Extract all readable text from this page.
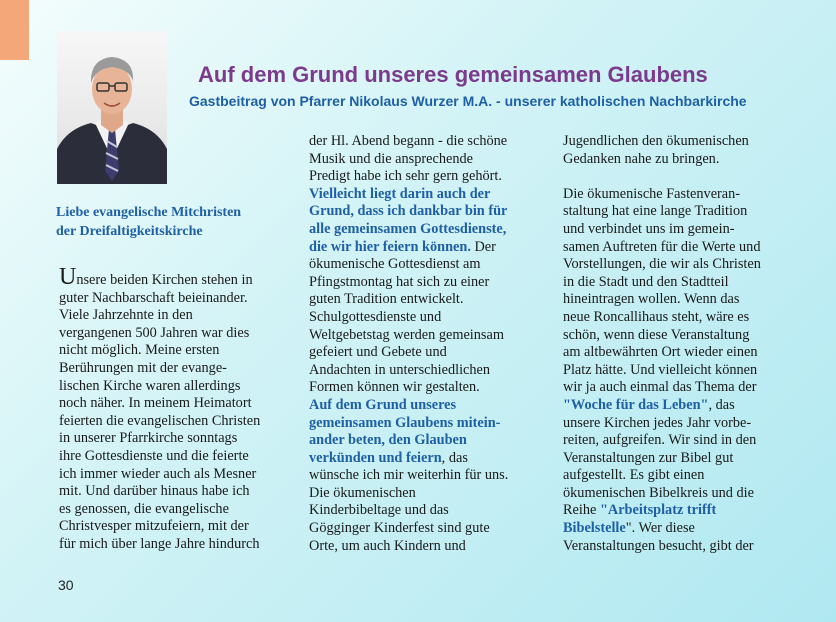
Auf dem Grund unseres gemeinsamen Glaubens
Gastbeitrag von Pfarrer Nikolaus Wurzer M.A. - unserer katholischen Nachbarkirche
Liebe evangelische Mitchristen
der Dreifaltigkeitskirche

Unsere beiden Kirchen stehen in

guter Nachbarschaft beieinander.

Viele Jahrzehnte in den

vergangenen 500 Jahren war dies

nicht möglich. Meine ersten

Berührungen mit der evange-

lischen Kirche waren allerdings

noch näher. In meinem Heimatort

feierten die evangelischen Christen

in unserer Pfarrkirche sonntags

ihre Gottesdienste und die feierte

ich immer wieder auch als Mesner

mit. Und darüber hinaus habe ich

es genossen, die evangelische

Christvesper mitzufeiern, mit der

für mich über lange Jahre hindurch

der Hl. Abend begann - die schöne

Musik und die ansprechende

Predigt habe ich sehr gern gehört.

Vielleicht liegt darin auch der

Grund, dass ich dankbar bin für

alle gemeinsamen Gottesdienste,

die wir hier feiern können. Der

ökumenische Gottesdienst am

Pfingstmontag hat sich zu einer

guten Tradition entwickelt.

Schulgottesdienste und

Weltgebetstag werden gemeinsam

gefeiert und Gebete und

Andachten in unterschiedlichen

Formen können wir gestalten.

Auf dem Grund unseres

gemeinsamen Glaubens mitein-

ander beten, den Glauben

verkünden und feiern, das

wünsche ich mir weiterhin für uns.

Die ökumenischen

Kinderbibeltage und das

Gögginger Kinderfest sind gute

Orte, um auch Kindern und

Jugendlichen den ökumenischen

Gedanken nahe zu bringen.

Die ökumenische Fastenveran-

staltung hat eine lange Tradition

und verbindet uns im gemein-

samen Auftreten für die Werte und

Vorstellungen, die wir als Christen

in die Stadt und den Stadtteil

hineintragen wollen. Wenn das

neue Roncallihaus steht, wäre es

schön, wenn diese Veranstaltung

am altbewährten Ort wieder einen

Platz hätte. Und vielleicht können

wir ja auch einmal das Thema der

"Woche für das Leben", das

unsere Kirchen jedes Jahr vorbe-

reiten, aufgreifen. Wir sind in den

Veranstaltungen zur Bibel gut

aufgestellt. Es gibt einen

ökumenischen Bibelkreis und die

Reihe "Arbeitsplatz trifft

Bibelstelle". Wer diese

Veranstaltungen besucht, gibt der

30
